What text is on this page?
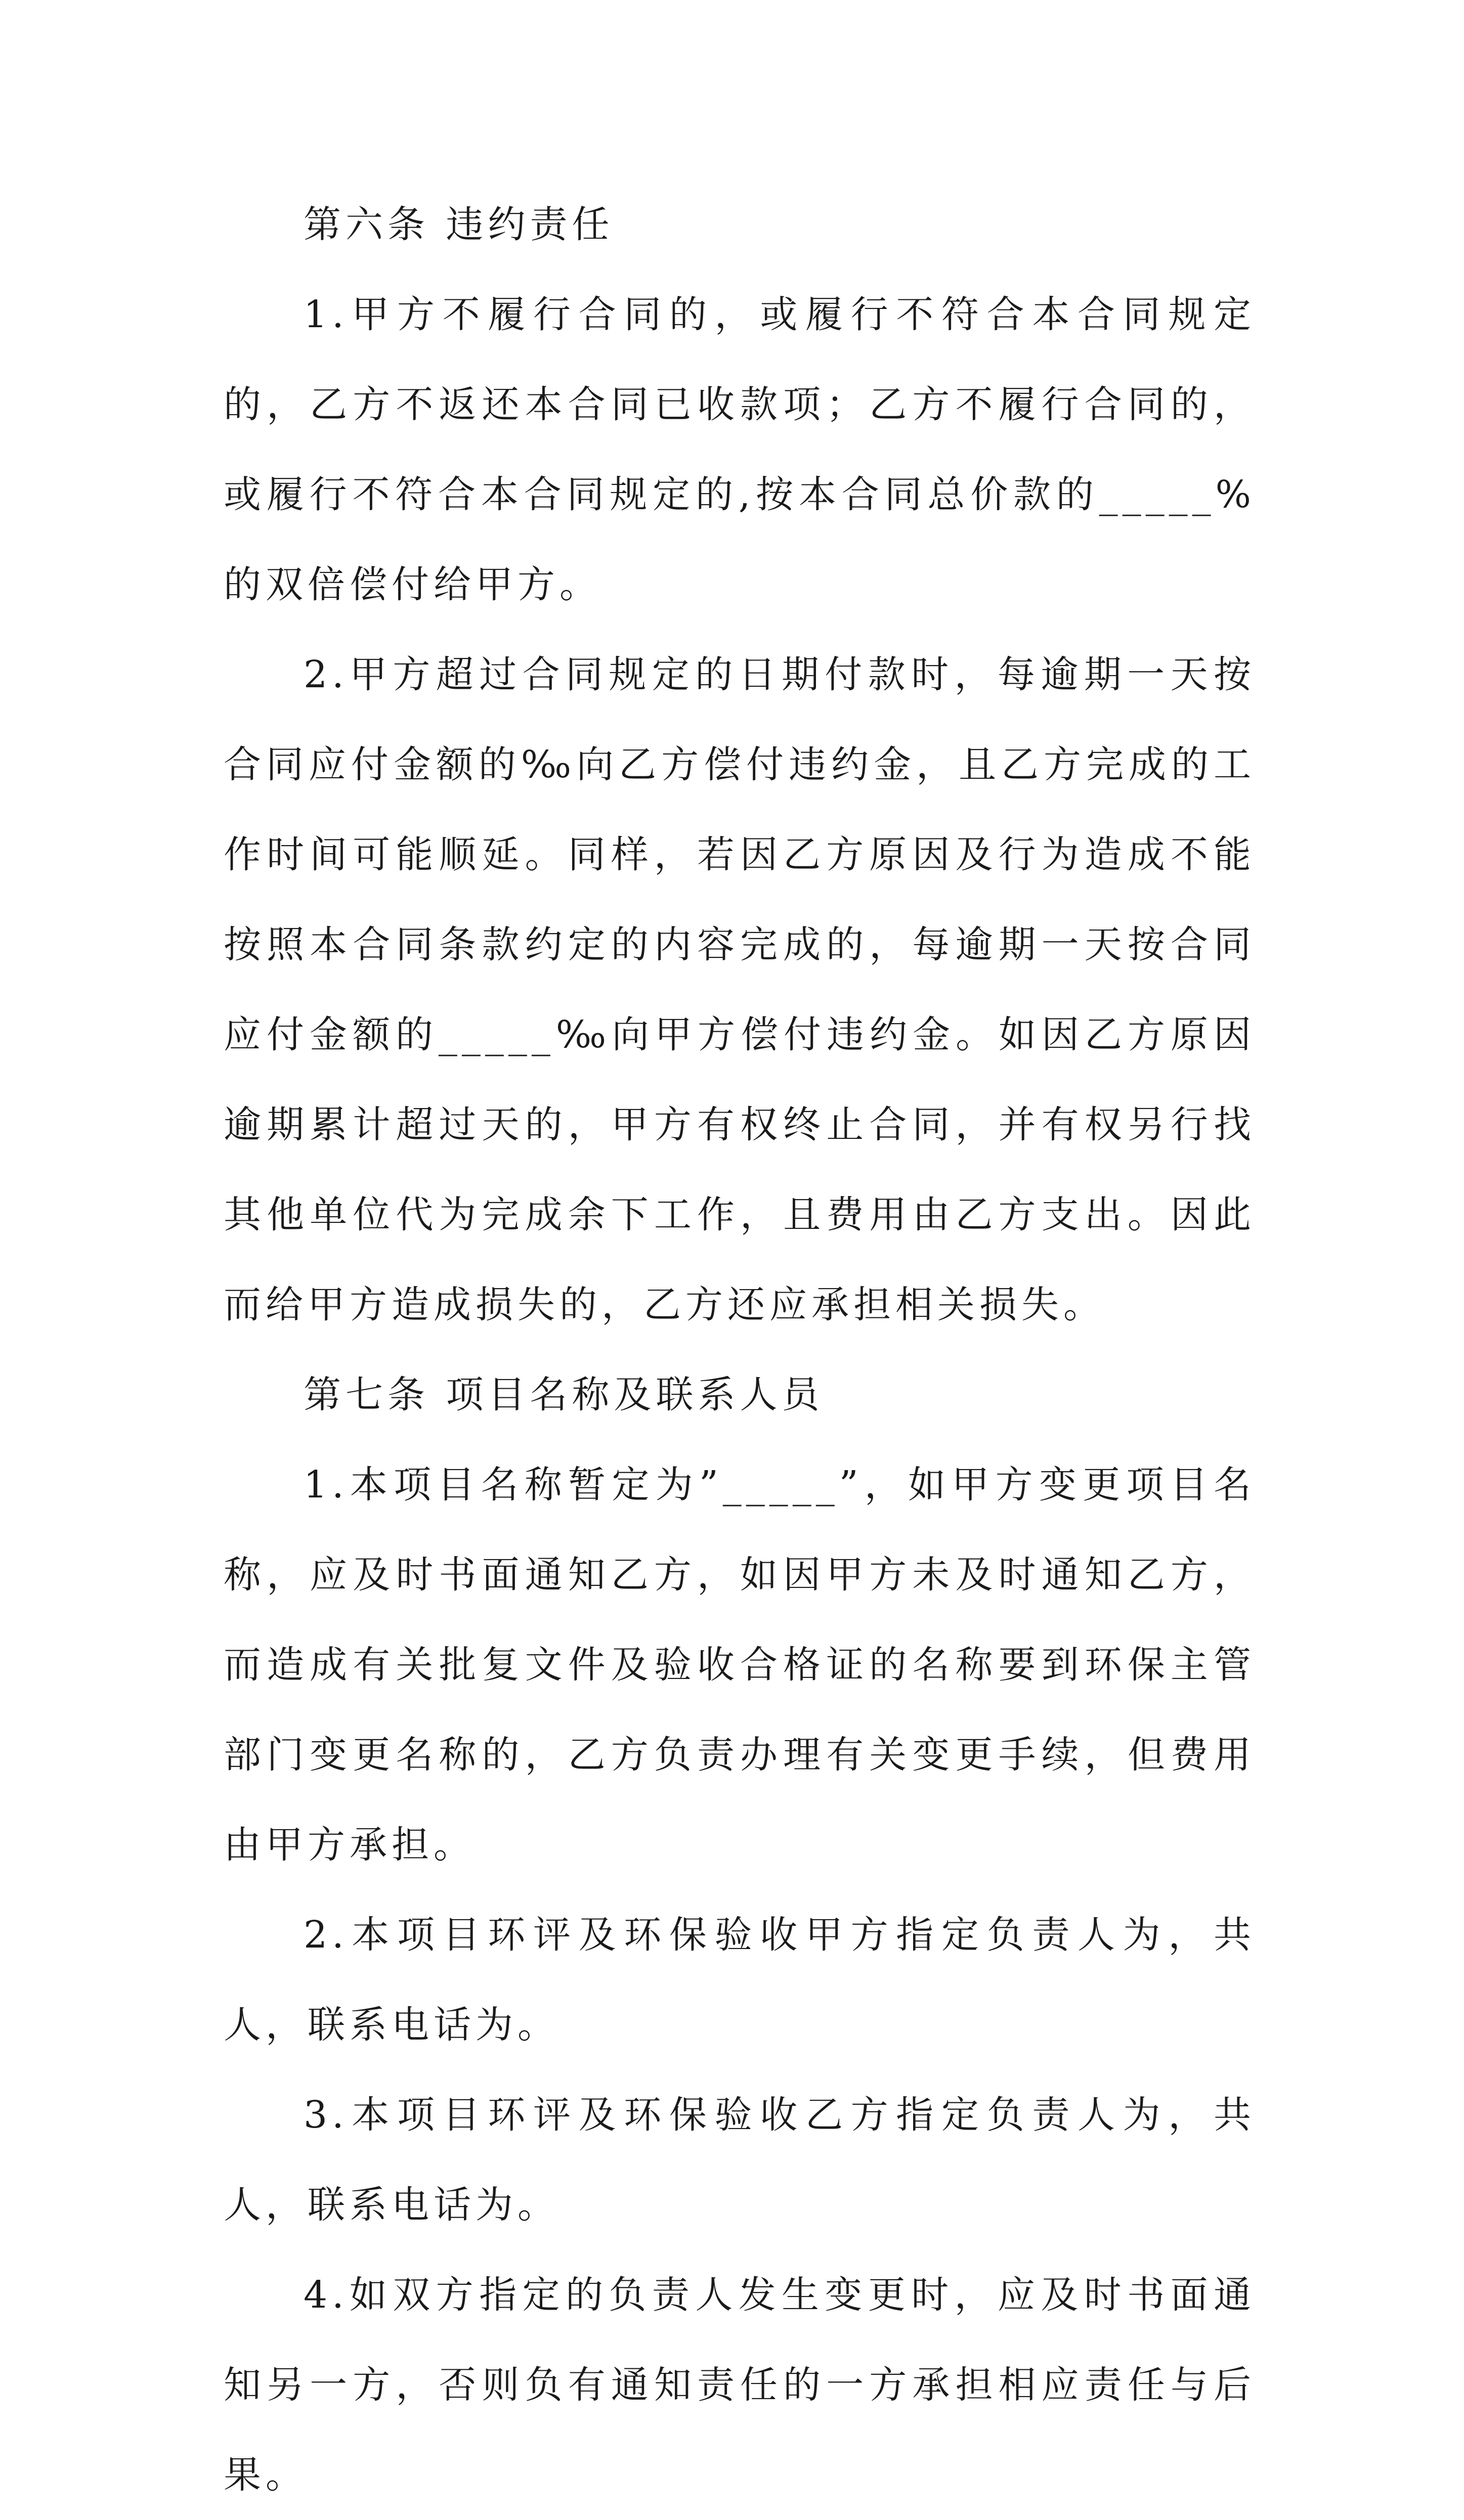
第六条 违约责任

1.甲方不履行合同的，或履行不符合本合同规定的，乙方不返还本合同已收款项；乙方不履行合同的，或履行不符合本合同规定的,按本合同总价款的_____%的双倍偿付给甲方。

2.甲方超过合同规定的日期付款时，每逾期一天按合同应付金额的‰向乙方偿付违约金，且乙方完成的工作时间可能顺延。同样，若因乙方原因及行为造成不能按照本合同条款约定的内容完成的，每逾期一天按合同应付金额的_____‰向甲方偿付违约金。如因乙方原因逾期累计超过天的，甲方有权终止合同，并有权另行找其他单位代为完成余下工作，且费用由乙方支出。因此而给甲方造成损失的，乙方还应承担相关损失。

第七条 项目名称及联系人员

1.本项目名称暂定为”_____”，如甲方变更项目名称，应及时书面通知乙方，如因甲方未及时通知乙方，而造成有关批复文件及验收合格证的名称要到环保主管部门变更名称的，乙方负责办理有关变更手续，但费用由甲方承担。

2.本项目环评及环保验收甲方指定负责人为，共人，联系电话为。

3.本项目环评及环保验收乙方指定负责人为，共人，联系电话为。

4.如双方指定的负责人发生变更时，应及时书面通知另一方，否则负有通知责任的一方承担相应责任与后果。
